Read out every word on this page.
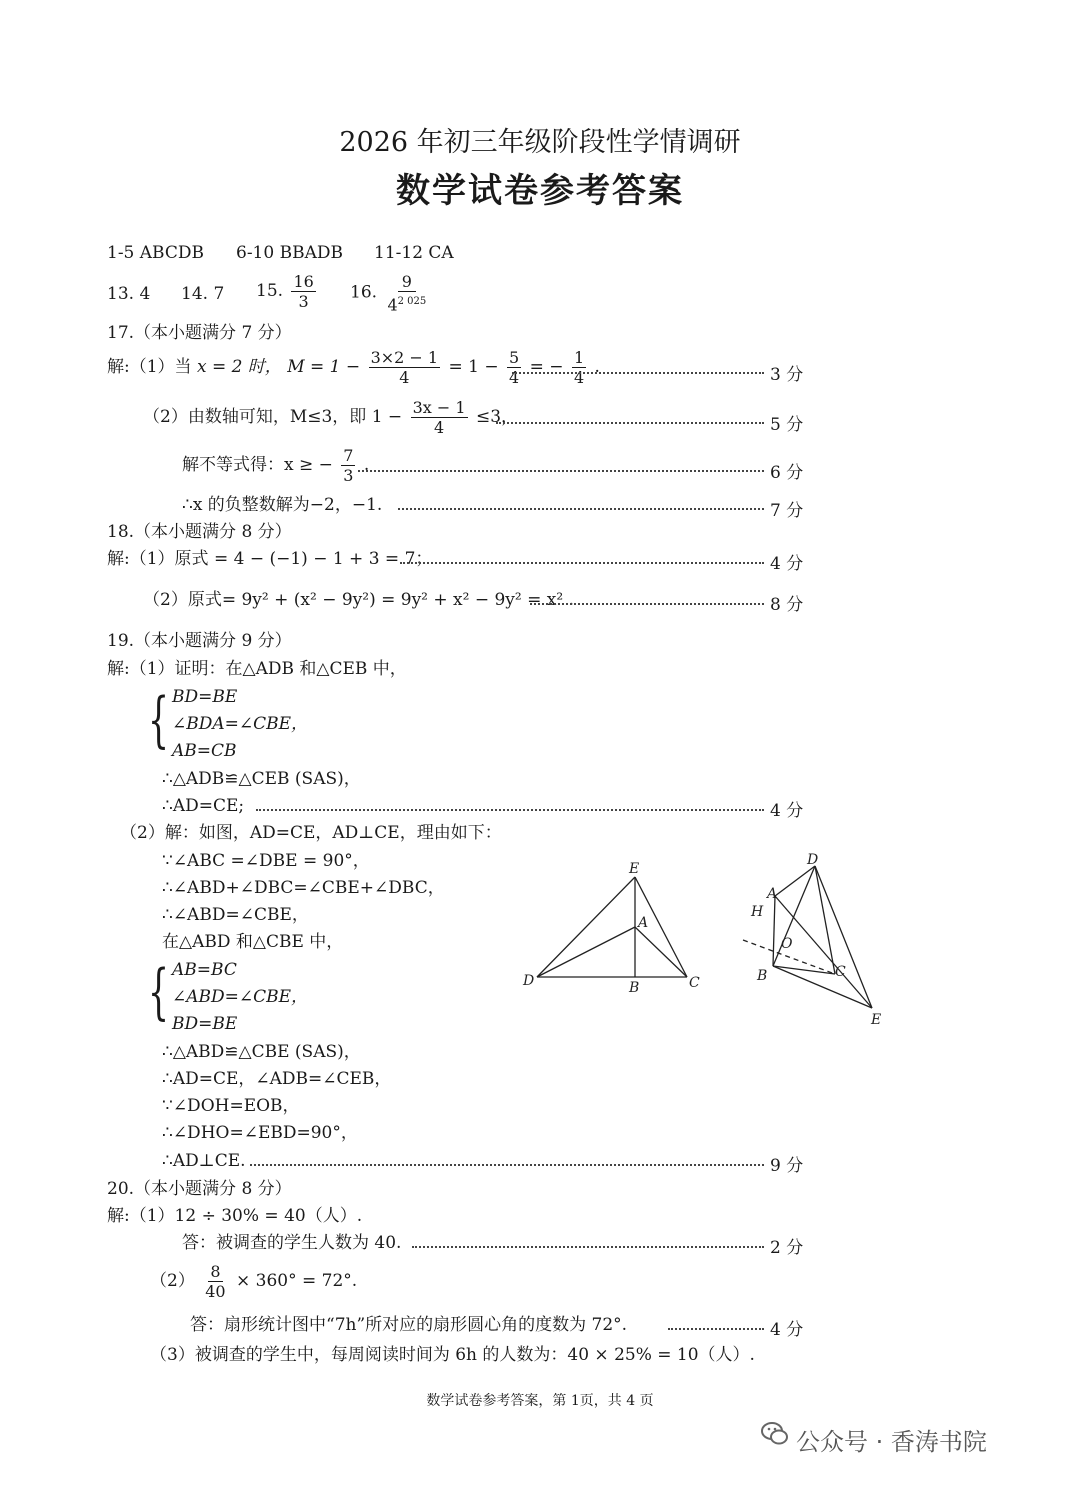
2026 年初三年级阶段性学情调研
数学试卷参考答案
1-5 ABCDB 6-10 BBADB 11-12 CA
13. 4 14. 7 15. $\frac{16}{3} 16$. $\frac{9}{4^{2 025}}$
17.（本小题满分 7 分）
解:（1）当 x = 2 时， $M = 1 - \frac{3\times 2 - 1}{4} = 1 - \frac{5}{4}$ = − $\frac{1}{4}$ .	3 分
（2）由数轴可知，M≤3，即 $1 - \frac{3x - 1}{4} \le 3$，	5 分
解不等式得：x ≥ − $\frac{7}{3}$ .	6 分
∴x 的负整数解为−2，−1.	7 分
18.（本小题满分 8 分）
解:（1）原式 = 4 − (−1) − 1 + 3 = 7；	4 分
（2）原式= 9y² + (x² − 9y²) = 9y² + x² − 9y² = x² .	8 分
19.（本小题满分 9 分）
解:（1）证明：在△ADB 和△CEB 中，
{ BD=BE
∠BDA=∠CBE，
AB=CB
∴△ADB≌△CEB (SAS)，
∴AD=CE;	4 分
（2）解：如图，AD=CE，AD⊥CE，理由如下：
∵∠ABC =∠DBE = 90°，
∴∠ABD+∠DBC=∠CBE+∠DBC，
∴∠ABD=∠CBE，
在△ABD 和△CBE 中，
{ AB=BC
∠ABD=∠CBE，
BD=BE
∴△ABD≌△CBE (SAS)，
∴AD=CE，∠ADB=∠CEB，
∵∠DOH=EOB，
∴∠DHO=∠EBD=90°，
∴AD⊥CE.	9 分
E
A
D	B	C
D
A
H
O
B	C
E
20.（本小题满分 8 分）
解:（1）12 ÷ 30% = 40（人）.
答：被调查的学生人数为 40.	2 分
$(2) \frac{8}{40} \times 360^\circ = 72^\circ$.
答：扇形统计图中“7h”所对应的扇形圆心角的度数为 72°.	4 分
（3）被调查的学生中，每周阅读时间为 6h 的人数为：40 × 25% = 10（人）.
数学试卷参考答案，第 1页，共 4 页
公众号 · 香涛书院
